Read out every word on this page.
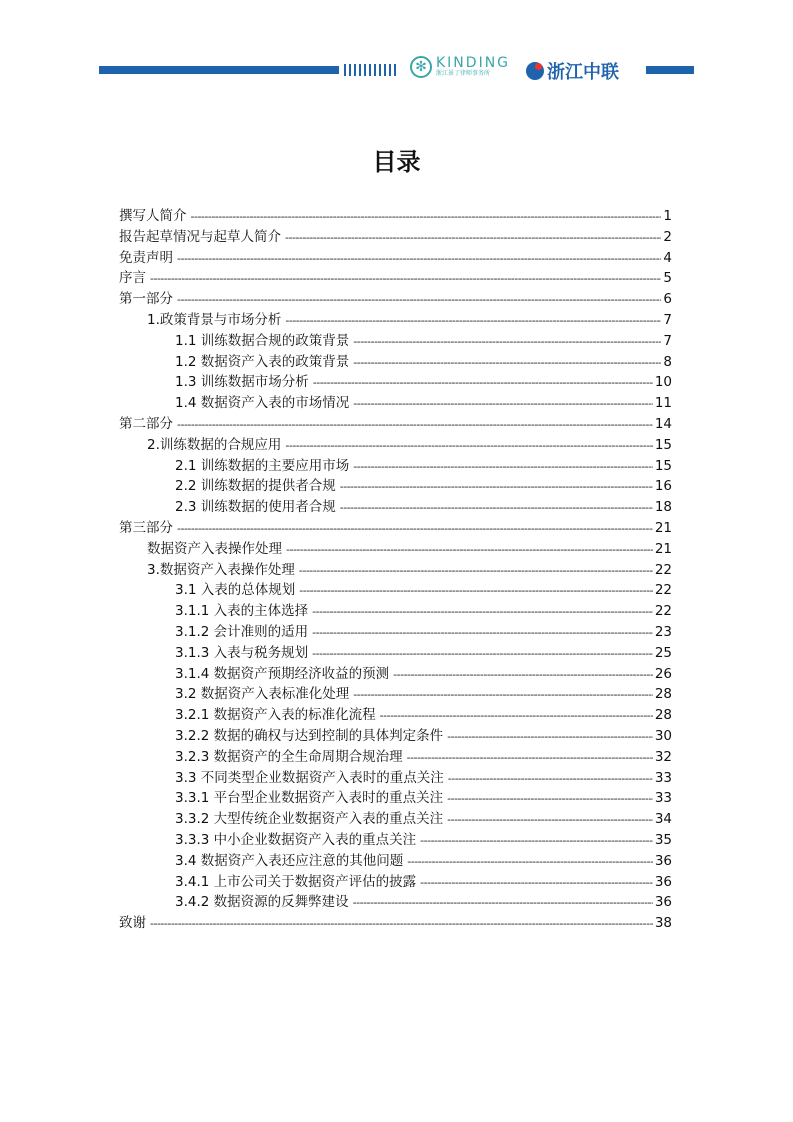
✻ KINDING
浙江景丁律师事务所	浙江中联
目录
撰写人简介 -----	1
报告起草情况与起草人简介 -----	2
免责声明 -----	4
序言 -----	5
第一部分 -----	6
1.政策背景与市场分析 -----	7
1.1 训练数据合规的政策背景 -----	7
1.2 数据资产入表的政策背景 -----	8
1.3 训练数据市场分析 -----	10
1.4 数据资产入表的市场情况 -----	11
第二部分 -----	14
2.训练数据的合规应用 -----	15
2.1 训练数据的主要应用市场 -----	15
2.2 训练数据的提供者合规 -----	16
2.3 训练数据的使用者合规 -----	18
第三部分 -----	21
数据资产入表操作处理 -----	21
3.数据资产入表操作处理 -----	22
3.1 入表的总体规划 -----	22
3.1.1 入表的主体选择 -----	22
3.1.2 会计准则的适用 -----	23
3.1.3 入表与税务规划 -----	25
3.1.4 数据资产预期经济收益的预测 -----	26
3.2 数据资产入表标准化处理 -----	28
3.2.1 数据资产入表的标准化流程 -----	28
3.2.2 数据的确权与达到控制的具体判定条件 -----	30
3.2.3 数据资产的全生命周期合规治理 -----	32
3.3 不同类型企业数据资产入表时的重点关注 -----	33
3.3.1 平台型企业数据资产入表时的重点关注 -----	33
3.3.2 大型传统企业数据资产入表的重点关注 -----	34
3.3.3 中小企业数据资产入表的重点关注 -----	35
3.4 数据资产入表还应注意的其他问题 -----	36
3.4.1 上市公司关于数据资产评估的披露 -----	36
3.4.2 数据资源的反舞弊建设 -----	36
致谢 -----	38
